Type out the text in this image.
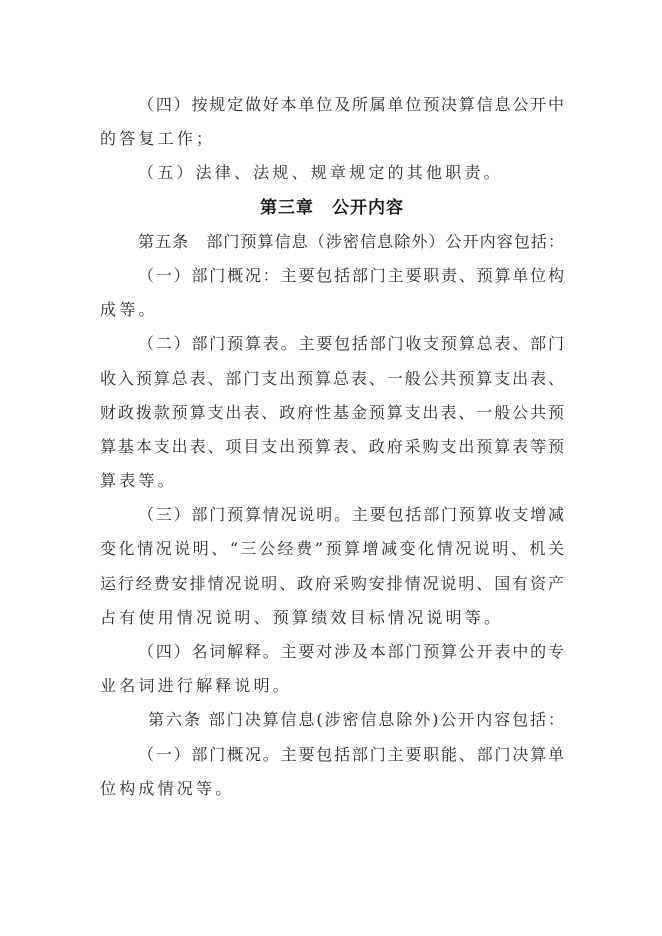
（四）按规定做好本单位及所属单位预决算信息公开中
的答复工作；
（五）法律、法规、规章规定的其他职责。
第三章　公开内容
第五条　部门预算信息（涉密信息除外）公开内容包括：
（一）部门概况：主要包括部门主要职责、预算单位构
成等。
（二）部门预算表。主要包括部门收支预算总表、部门
收入预算总表、部门支出预算总表、一般公共预算支出表、
财政拨款预算支出表、政府性基金预算支出表、一般公共预
算基本支出表、项目支出预算表、政府采购支出预算表等预
算表等。
（三）部门预算情况说明。主要包括部门预算收支增减
变化情况说明、“三公经费”预算增减变化情况说明、机关
运行经费安排情况说明、政府采购安排情况说明、国有资产
占有使用情况说明、预算绩效目标情况说明等。
（四）名词解释。主要对涉及本部门预算公开表中的专
业名词进行解释说明。
第六条 部门决算信息(涉密信息除外)公开内容包括：
（一）部门概况。主要包括部门主要职能、部门决算单
位构成情况等。
